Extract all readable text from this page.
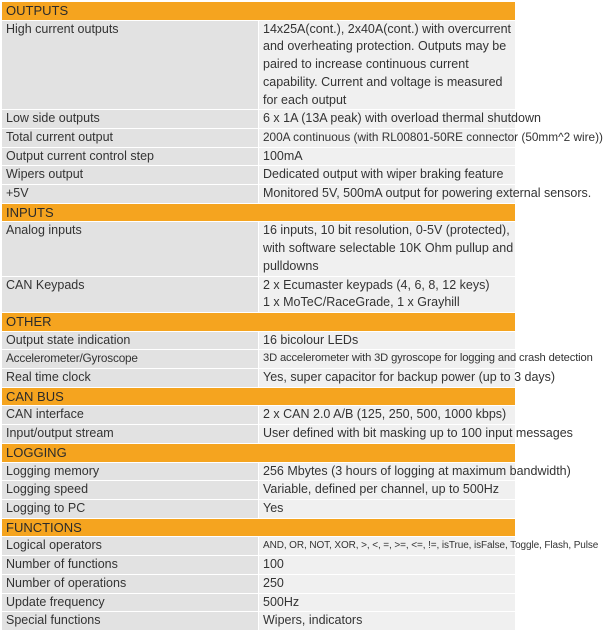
OUTPUTS	
High current outputs	14x25A(cont.), 2x40A(cont.) with overcurrent and overheating protection. Outputs may be paired to increase continuous current capability. Current and voltage is measured for each output
Low side outputs	6 x 1A (13A peak) with overload thermal shutdown
Total current output	200A continuous (with RL00801-50RE connector (50mm^2 wire))
Output current control step	100mA
Wipers output	Dedicated output with wiper braking feature
+5V	Monitored 5V, 500mA output for powering external sensors.
INPUTS	
Analog inputs	16 inputs, 10 bit resolution, 0-5V (protected), with software selectable 10K Ohm pullup and pulldowns
CAN Keypads	2 x Ecumaster keypads (4, 6, 8, 12 keys)
1 x MoTeC/RaceGrade, 1 x Grayhill

OTHER	
Output state indication	16 bicolour LEDs
Accelerometer/Gyroscope	3D accelerometer with 3D gyroscope for logging and crash detection
Real time clock	Yes, super capacitor for backup power (up to 3 days)
CAN BUS	
CAN interface	2 x CAN 2.0 A/B (125, 250, 500, 1000 kbps)
Input/output stream	User defined with bit masking up to 100 input messages
LOGGING	
Logging memory	256 Mbytes (3 hours of logging at maximum bandwidth)
Logging speed	Variable, defined per channel, up to 500Hz
Logging to PC	Yes
FUNCTIONS	
Logical operators	AND, OR, NOT, XOR, >, <, =, >=, <=, !=, isTrue, isFalse, Toggle, Flash, Pulse
Number of functions	100
Number of operations	250
Update frequency	500Hz
Special functions	Wipers, indicators
